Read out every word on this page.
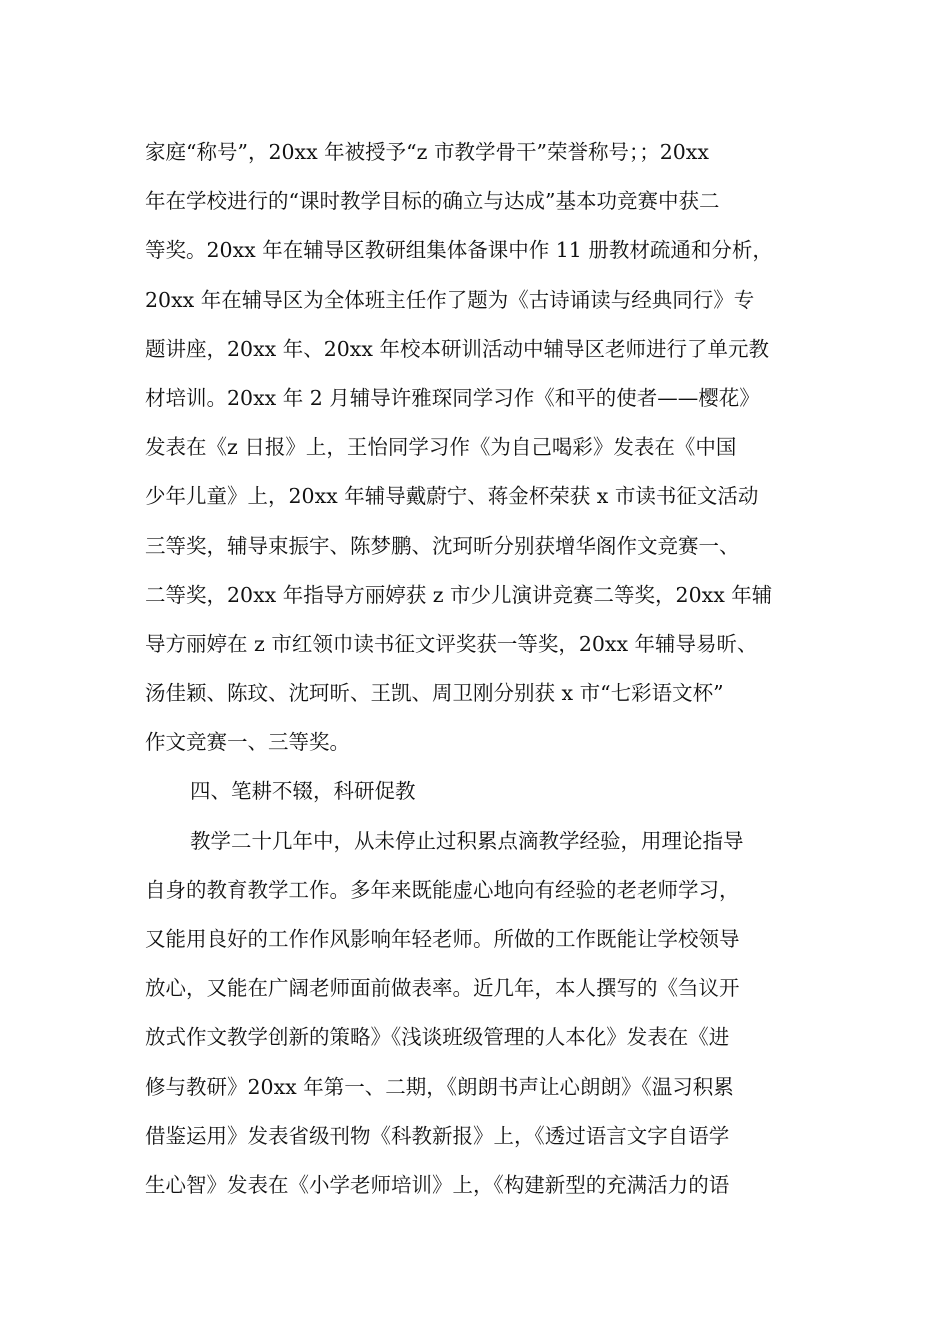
家庭“称号”，20xx 年被授予“z 市教学骨干”荣誉称号；；20xx
年在学校进行的“课时教学目标的确立与达成”基本功竞赛中获二
等奖。20xx 年在辅导区教研组集体备课中作 11 册教材疏通和分析，
20xx 年在辅导区为全体班主任作了题为《古诗诵读与经典同行》专
题讲座，20xx 年、20xx 年校本研训活动中辅导区老师进行了单元教
材培训。20xx 年 2 月辅导许雅琛同学习作《和平的使者——樱花》
发表在《z 日报》上，王怡同学习作《为自己喝彩》发表在《中国
少年儿童》上，20xx 年辅导戴蔚宁、蒋金杯荣获 x 市读书征文活动
三等奖，辅导束振宇、陈梦鹏、沈珂昕分别获增华阁作文竞赛一、
二等奖，20xx 年指导方丽婷获 z 市少儿演讲竞赛二等奖，20xx 年辅
导方丽婷在 z 市红领巾读书征文评奖获一等奖，20xx 年辅导易昕、
汤佳颖、陈玟、沈珂昕、王凯、周卫刚分别获 x 市“七彩语文杯”
作文竞赛一、三等奖。
四、笔耕不辍，科研促教
教学二十几年中，从未停止过积累点滴教学经验，用理论指导
自身的教育教学工作。多年来既能虚心地向有经验的老老师学习，
又能用良好的工作作风影响年轻老师。所做的工作既能让学校领导
放心，又能在广阔老师面前做表率。近几年，本人撰写的《刍议开
放式作文教学创新的策略》《浅谈班级管理的人本化》发表在《进
修与教研》20xx 年第一、二期，《朗朗书声让心朗朗》《温习积累
借鉴运用》发表省级刊物《科教新报》上，《透过语言文字自语学
生心智》发表在《小学老师培训》上，《构建新型的充满活力的语
